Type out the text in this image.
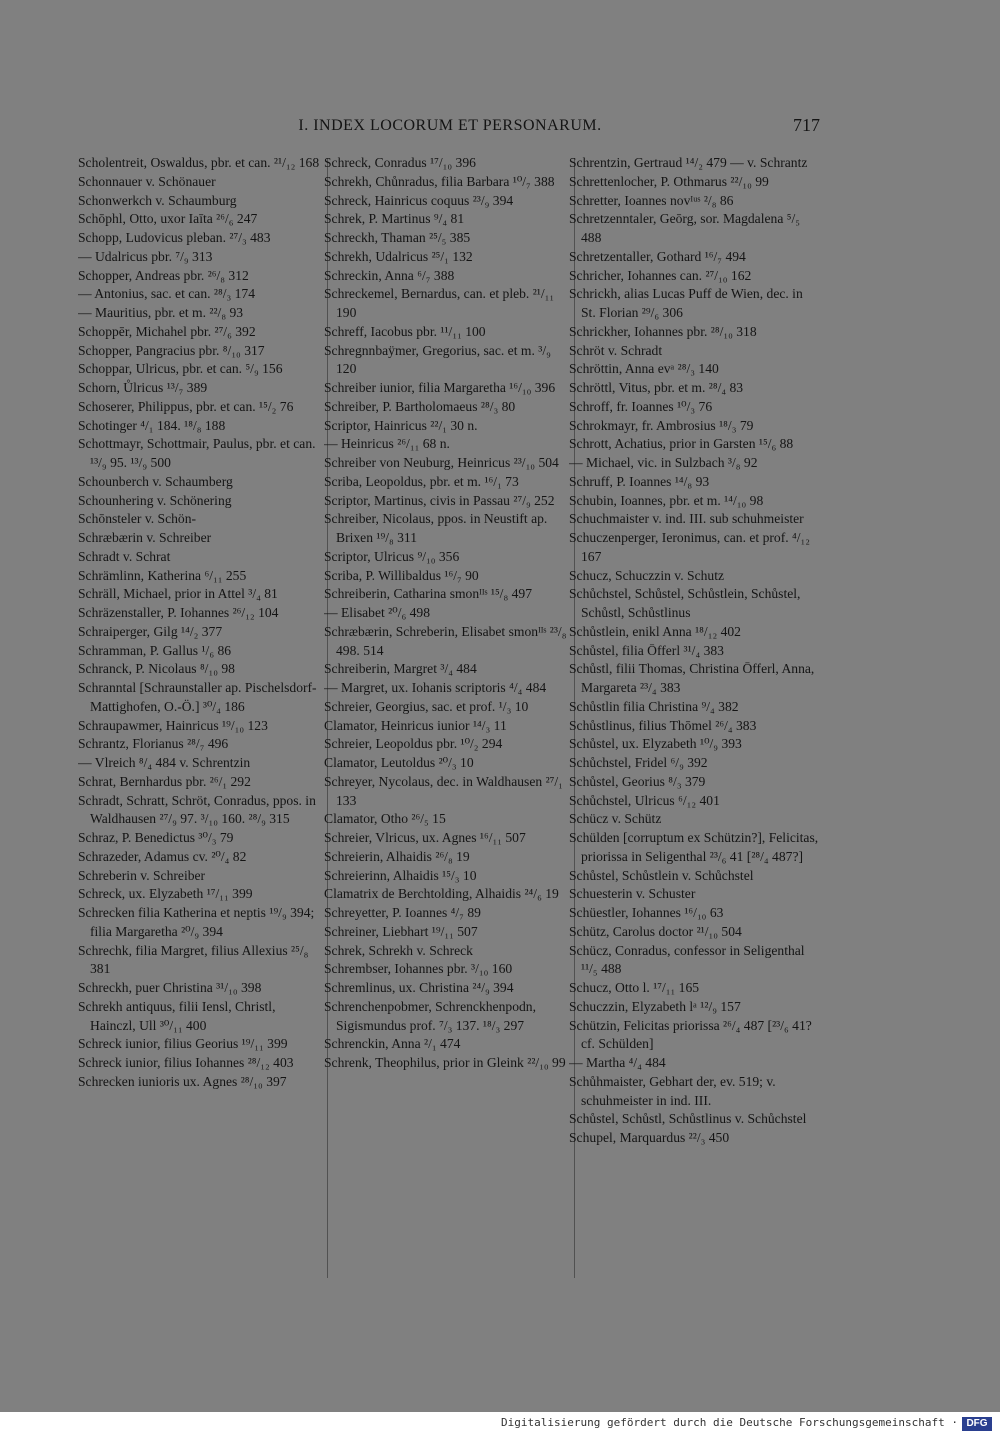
I. INDEX LOCORUM ET PERSONARUM.	717

Scholentreit, Oswaldus, pbr. et can. ²¹/₁₂ 168

Schonnauer v. Schönauer

Schonwerkch v. Schaumburg

Schōphl, Otto, uxor Iaīta ²⁶/₆ 247

Schopp, Ludovicus pleban. ²⁷/₃ 483

— Udalricus pbr. ⁷/₉ 313

Schopper, Andreas pbr. ²⁶/₈ 312

— Antonius, sac. et can. ²⁸/₃ 174

— Mauritius, pbr. et m. ²²/₈ 93

Schoppēr, Michahel pbr. ²⁷/₆ 392

Schopper, Pangracius pbr. ⁸/₁₀ 317

Schoppar, Ulricus, pbr. et can. ⁵/₉ 156

Schorn, Ůlricus ¹³/₇ 389

Schoserer, Philippus, pbr. et can. ¹⁵/₂ 76

Schotinger ⁴/₁ 184. ¹⁸/₈ 188

Schottmayr, Schottmair, Paulus, pbr. et can. ¹³/₉ 95. ¹³/₉ 500

Schounberch v. Schaumberg

Schounhering v. Schönering

Schōnsteler v. Schön-

Schræbærin v. Schreiber

Schradt v. Schrat

Schrämlinn, Katherina ⁶/₁₁ 255

Schräll, Michael, prior in Attel ³/₄ 81

Schräzenstaller, P. Iohannes ²⁶/₁₂ 104

Schraiperger, Gilg ¹⁴/₂ 377

Schramman, P. Gallus ¹/₆ 86

Schranck, P. Nicolaus ⁸/₁₀ 98

Schranntal [Schraunstaller ap. Pischelsdorf-Mattighofen, O.-Ö.] ³⁰/₄ 186

Schraupawmer, Hainricus ¹⁹/₁₀ 123

Schrantz, Florianus ²⁸/₇ 496

— Vlreich ⁸/₄ 484 v. Schrentzin

Schrat, Bernhardus pbr. ²⁶/₁ 292

Schradt, Schratt, Schröt, Conradus, ppos. in Waldhausen ²⁷/₉ 97. ³/₁₀ 160. ²⁸/₉ 315

Schraz, P. Benedictus ³⁰/₃ 79

Schrazeder, Adamus cv. ²⁰/₄ 82

Schreberin v. Schreiber

Schreck, ux. Elyzabeth ¹⁷/₁₁ 399

Schrecken filia Katherina et neptis ¹⁹/₉ 394; filia Margaretha ²⁰/₉ 394

Schrechk, filia Margret, filius Allexius ²⁵/₈ 381

Schreckh, puer Christina ³¹/₁₀ 398

Schrekh antiquus, filii Iensl, Christl, Hainczl, Ull ³⁰/₁₁ 400

Schreck iunior, filius Georius ¹⁹/₁₁ 399

Schreck iunior, filius Iohannes ²⁸/₁₂ 403

Schrecken iunioris ux. Agnes ²⁸/₁₀ 397

Schreck, Conradus ¹⁷/₁₀ 396

Schrekh, Chůnradus, filia Barbara ¹⁰/₇ 388

Schreck, Hainricus coquus ²³/₉ 394

Schrek, P. Martinus ⁹/₄ 81

Schreckh, Thaman ²⁵/₅ 385

Schrekh, Udalricus ²⁵/₁ 132

Schreckin, Anna ⁶/₇ 388

Schreckemel, Bernardus, can. et pleb. ²¹/₁₁ 190

Schreff, Iacobus pbr. ¹¹/₁₁ 100

Schregnnbaÿmer, Gregorius, sac. et m. ³/₉ 120

Schreiber iunior, filia Margaretha ¹⁶/₁₀ 396

Schreiber, P. Bartholomaeus ²⁸/₃ 80

Scriptor, Hainricus ²²/₁ 30 n.

— Heinricus ²⁶/₁₁ 68 n.

Schreiber von Neuburg, Heinricus ²³/₁₀ 504

Scriba, Leopoldus, pbr. et m. ¹⁶/₁ 73

Scriptor, Martinus, civis in Passau ²⁷/₉ 252

Schreiber, Nicolaus, ppos. in Neustift ap. Brixen ¹⁹/₈ 311

Scriptor, Ulricus ⁹/₁₀ 356

Scriba, P. Willibaldus ¹⁶/₇ 90

Schreiberin, Catharina smonᴵᴵˢ ¹⁵/₈ 497

— Elisabet ²⁰/₆ 498

Schræbærin, Schreberin, Elisabet smonᴵᴵˢ ²³/₈ 498. 514

Schreiberin, Margret ³/₄ 484

— Margret, ux. Iohanis scriptoris ⁴/₄ 484

Schreier, Georgius, sac. et prof. ¹/₃ 10

Clamator, Heinricus iunior ¹⁴/₃ 11

Schreier, Leopoldus pbr. ¹⁰/₂ 294

Clamator, Leutoldus ²⁰/₃ 10

Schreyer, Nycolaus, dec. in Waldhausen ²⁷/₁ 133

Clamator, Otho ²⁶/₅ 15

Schreier, Vlricus, ux. Agnes ¹⁶/₁₁ 507

Schreierin, Alhaidis ²⁶/₈ 19

Schreierinn, Alhaidis ¹⁵/₃ 10

Clamatrix de Berchtolding, Alhaidis ²⁴/₆ 19

Schreyetter, P. Ioannes ⁴/₇ 89

Schreiner, Liebhart ¹⁹/₁₁ 507

Schrek, Schrekh v. Schreck

Schrembser, Iohannes pbr. ³/₁₀ 160

Schremlinus, ux. Christina ²⁴/₉ 394

Schrenchenpobmer, Schrenckhenpodn, Sigismundus prof. ⁷/₃ 137. ¹⁸/₃ 297

Schrenckin, Anna ²/₁ 474

Schrenk, Theophilus, prior in Gleink ²²/₁₀ 99

Schrentzin, Gertraud ¹⁴/₂ 479 — v. Schrantz

Schrettenlocher, P. Othmarus ²²/₁₀ 99

Schretter, Ioannes novᴵᵘˢ ²/₈ 86

Schretzenntaler, Geōrg, sor. Magdalena ⁵/₅ 488

Schretzentaller, Gothard ¹⁶/₇ 494

Schricher, Iohannes can. ²⁷/₁₀ 162

Schrickh, alias Lucas Puff de Wien, dec. in St. Florian ²⁹/₆ 306

Schrickher, Iohannes pbr. ²⁸/₁₀ 318

Schröt v. Schradt

Schröttin, Anna evᵃ ²⁸/₃ 140

Schröttl, Vitus, pbr. et m. ²⁸/₄ 83

Schroff, fr. Ioannes ¹⁰/₃ 76

Schrokmayr, fr. Ambrosius ¹⁸/₃ 79

Schrott, Achatius, prior in Garsten ¹⁵/₆ 88

— Michael, vic. in Sulzbach ³/₈ 92

Schruff, P. Ioannes ¹⁴/₈ 93

Schubin, Ioannes, pbr. et m. ¹⁴/₁₀ 98

Schuchmaister v. ind. III. sub schuhmeister

Schuczenperger, Ieronimus, can. et prof. ⁴/₁₂ 167

Schucz, Schuczzin v. Schutz

Schůchstel, Schůstel, Schůstlein, Schůstel, Schůstl, Schůstlinus

Schůstlein, enikl Anna ¹⁸/₁₂ 402

Schůstel, filia Ōfferl ³¹/₄ 383

Schůstl, filii Thomas, Christina Ōfferl, Anna, Margareta ²³/₄ 383

Schůstlin filia Christina ⁹/₄ 382

Schůstlinus, filius Thōmel ²⁶/₄ 383

Schůstel, ux. Elyzabeth ¹⁰/₉ 393

Schůchstel, Fridel ⁶/₉ 392

Schůstel, Georius ⁸/₃ 379

Schůchstel, Ulricus ⁶/₁₂ 401

Schücz v. Schütz

Schülden [corruptum ex Schützin?], Felicitas, priorissa in Seligenthal ²³/₆ 41 [²⁸/₄ 487?]

Schůstel, Schůstlein v. Schůchstel

Schuesterin v. Schuster

Schüestler, Iohannes ¹⁶/₁₀ 63

Schütz, Carolus doctor ²¹/₁₀ 504

Schücz, Conradus, confessor in Seligenthal ¹¹/₅ 488

Schucz, Otto l. ¹⁷/₁₁ 165

Schuczzin, Elyzabeth lᵃ ¹²/₉ 157

Schützin, Felicitas priorissa ²⁶/₄ 487 [²³/₆ 41? cf. Schülden]

— Martha ⁴/₄ 484

Schůhmaister, Gebhart der, ev. 519; v. schuhmeister in ind. III.

Schůstel, Schůstl, Schůstlinus v. Schůchstel

Schupel, Marquardus ²²/₃ 450

Digitalisierung gefördert durch die Deutsche Forschungsgemeinschaft · DFG
